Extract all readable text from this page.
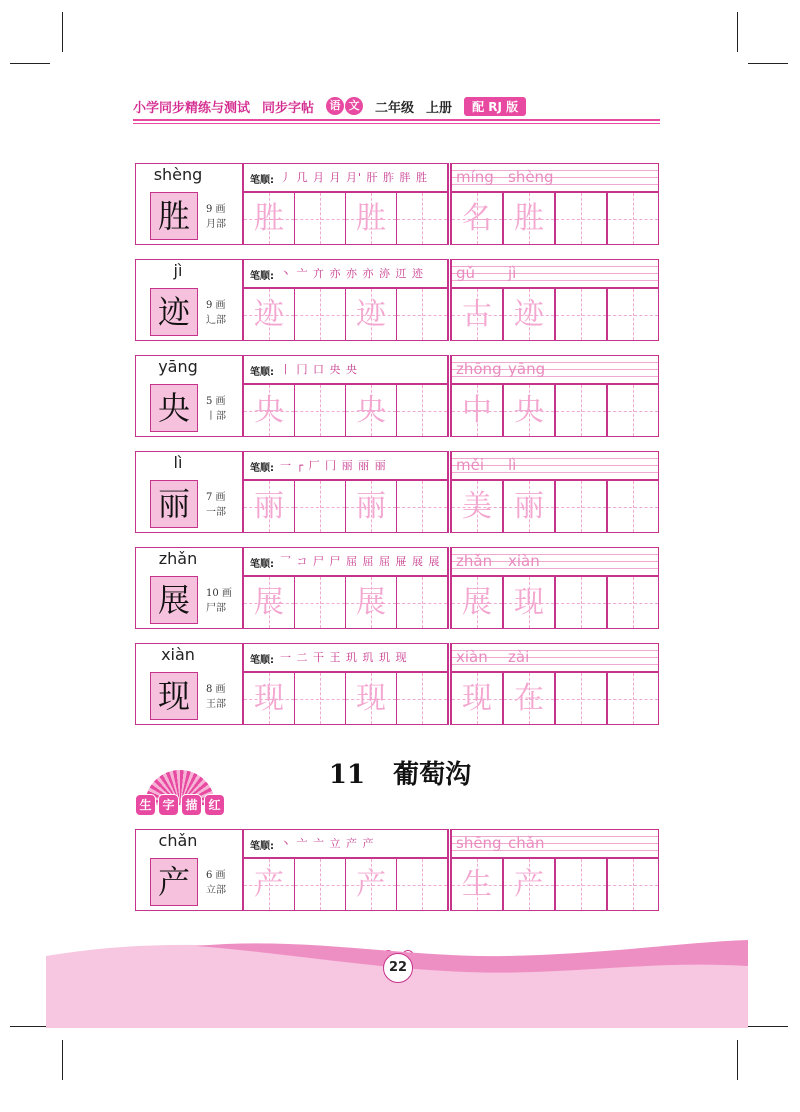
小学同步精练与测试 同步字帖	语 文 二年级 上册	配 RJ 版
shèng
胜	9 画
月部
笔顺: 丿 几 月 月 月' 肝 胙 胖 胜 míng shèng
胜	胜	名 胜
jì
迹	9 画
辶部
笔顺: 丶 亠 亣 亦 亦 亦 洂 䢋 迹 gǔ jì
迹	迹	古 迹
yāng
央	5 画
丨部
笔顺: 丨 冂 口 央 央	zhōng yāng
央	央	中 央
lì
丽	7 画
一部
笔顺: 一 ┌ 厂 冂 丽 丽 丽	měi lì
丽	丽	美 丽
zhǎn
展	10 画
尸部
笔顺: 乛 コ 尸 尸 屈 屈 屈 屉 展 展 zhǎn xiàn
展	展	展 现
xiàn
现	8 画
王部
笔顺: 一 二 干 王 玑 玑 玑 现	xiàn zài
现	现	现 在
chǎn
产	6 画
立部
笔顺: 丶 亠 亠 立 产 产	shēng chǎn
产	产	生 产
11 葡萄沟
生 字 描 红
22
